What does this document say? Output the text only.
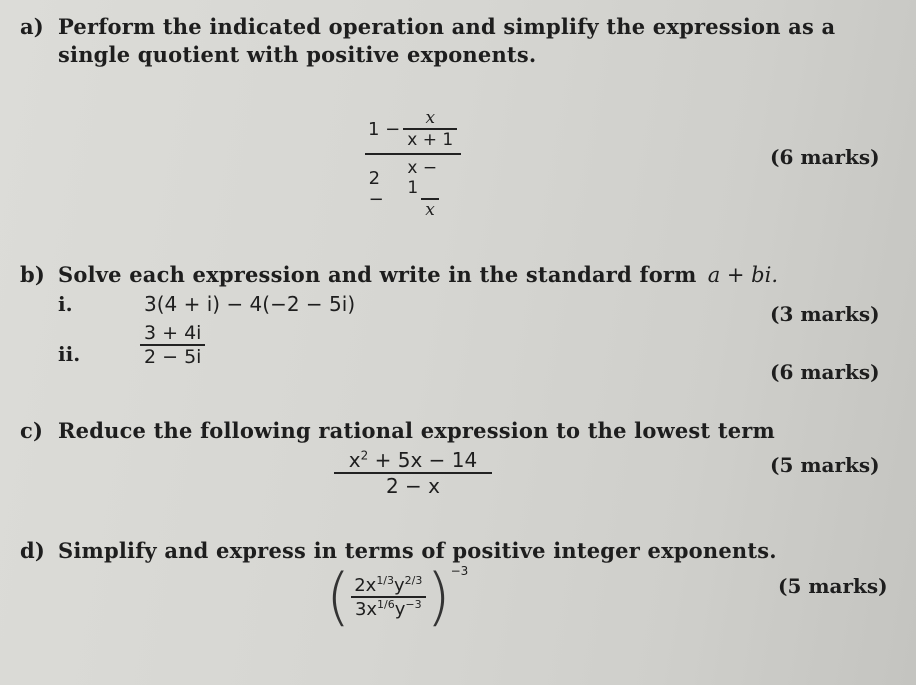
a) Perform the indicated operation and simplify the expression as a
single quotient with positive exponents.
$1 - \frac{x}{x + 1}$
2 −	$\frac{x - 1}{x}$	(6 marks)
b) Solve each expression and write in the standard form a + bi.
i.	3(4 + i) − 4(−2 − 5i)	(3 marks)
ii.	$\frac{3 + 4i}{2 - 5i}$
(6 marks)
c) Reduce the following rational expression to the lowest term
$\frac{x^2 + 5x - 14}{2 - x}$	(5 marks)
d) Simplify and express in terms of positive integer exponents.
( $\frac{2x^{1/3}y^{2/3}}{3x^{1/6}y^{-3}} )^{-3}$
(5 marks)
